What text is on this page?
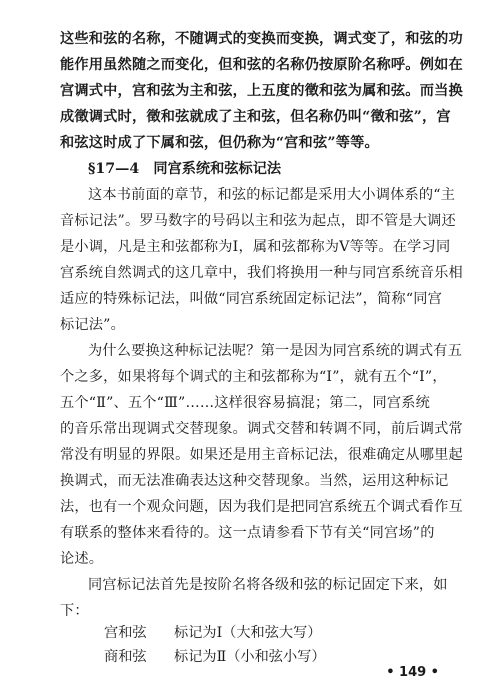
这些和弦的名称，不随调式的变换而变换，调式变了，和弦的功
能作用虽然随之而变化，但和弦的名称仍按原阶名称呼。例如在
宫调式中，宫和弦为主和弦，上五度的徵和弦为属和弦。而当换
成徵调式时，徵和弦就成了主和弦，但名称仍叫“徵和弦”，宫
和弦这时成了下属和弦，但仍称为“宫和弦”等等。
§17—4　同宫系统和弦标记法
这本书前面的章节，和弦的标记都是采用大小调体系的“主
音标记法”。罗马数字的号码以主和弦为起点，即不管是大调还
是小调，凡是主和弦都称为Ⅰ，属和弦都称为Ⅴ等等。在学习同
宫系统自然调式的这几章中，我们将换用一种与同宫系统音乐相
适应的特殊标记法，叫做“同宫系统固定标记法”，简称“同宫
标记法”。
为什么要换这种标记法呢？第一是因为同宫系统的调式有五
个之多，如果将每个调式的主和弦都称为“Ⅰ”，就有五个“Ⅰ”，
五个“Ⅱ”、五个“Ⅲ”……这样很容易搞混；第二，同宫系统
的音乐常出现调式交替现象。调式交替和转调不同，前后调式常
常没有明显的界限。如果还是用主音标记法，很难确定从哪里起
换调式，而无法准确表达这种交替现象。当然，运用这种标记
法，也有一个观众问题，因为我们是把同宫系统五个调式看作互
有联系的整体来看待的。这一点请参看下节有关“同宫场”的
论述。
同宫标记法首先是按阶名将各级和弦的标记固定下来，如
下：
宫和弦 标记为Ⅰ（大和弦大写）
商和弦 标记为Ⅱ（小和弦小写）
• 149 •
